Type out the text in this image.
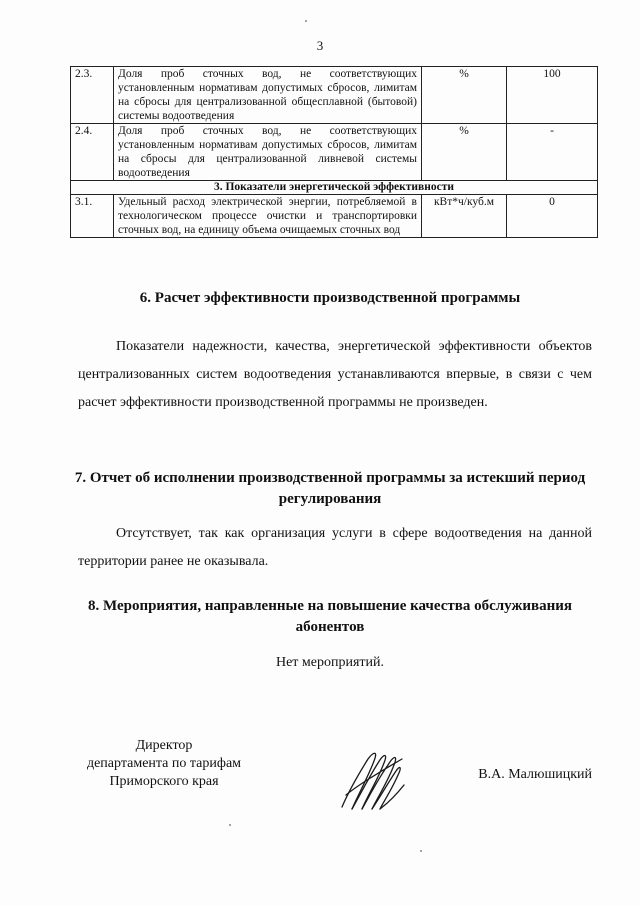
3
2.3.	Доля проб сточных вод, не соответствующих установленным нормативам допустимых сбросов, лимитам на сбросы для централизованной общесплавной (бытовой) системы водоотведения	%	100
2.4.	Доля проб сточных вод, не соответствующих установленным нормативам допустимых сбросов, лимитам на сбросы для централизованной ливневой системы водоотведения	%	-
3. Показатели энергетической эффективности			
3.1.	Удельный расход электрической энергии, потребляемой в технологическом процессе очистки и транспортировки сточных вод, на единицу объема очищаемых сточных вод	кВт*ч/куб.м	0
6. Расчет эффективности производственной программы

Показатели надежности, качества, энергетической эффективности объектов централизованных систем водоотведения устанавливаются впервые, в связи с чем расчет эффективности производственной программы не произведен.

7. Отчет об исполнении производственной программы за истекший период регулирования

Отсутствует, так как организация услуги в сфере водоотведения на данной территории ранее не оказывала.

8. Мероприятия, направленные на повышение качества обслуживания абонентов

Нет мероприятий.

Директор
департамента по тарифам
Приморского края	В.А. Малюшицкий
